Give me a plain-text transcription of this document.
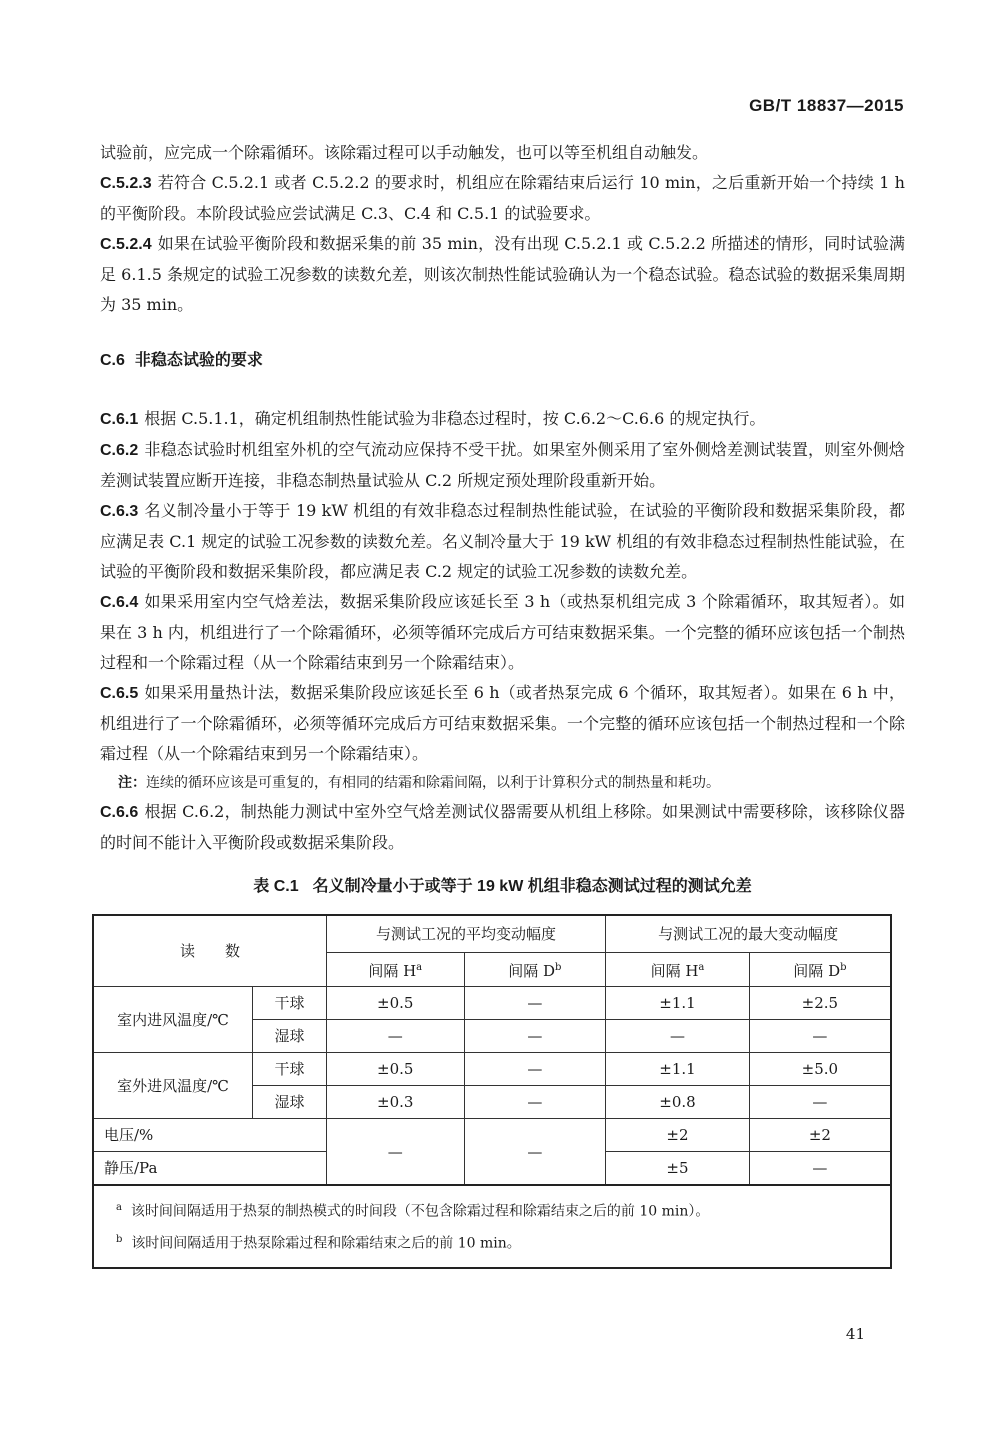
GB/T 18837—2015

试验前，应完成一个除霜循环。该除霜过程可以手动触发，也可以等至机组自动触发。

C.5.2.3 若符合 C.5.2.1 或者 C.5.2.2 的要求时，机组应在除霜结束后运行 10 min，之后重新开始一个持续 1 h 的平衡阶段。本阶段试验应尝试满足 C.3、C.4 和 C.5.1 的试验要求。

C.5.2.4 如果在试验平衡阶段和数据采集的前 35 min，没有出现 C.5.2.1 或 C.5.2.2 所描述的情形，同时试验满足 6.1.5 条规定的试验工况参数的读数允差，则该次制热性能试验确认为一个稳态试验。稳态试验的数据采集周期为 35 min。

C.6 非稳态试验的要求

C.6.1 根据 C.5.1.1，确定机组制热性能试验为非稳态过程时，按 C.6.2～C.6.6 的规定执行。

C.6.2 非稳态试验时机组室外机的空气流动应保持不受干扰。如果室外侧采用了室外侧焓差测试装置，则室外侧焓差测试装置应断开连接，非稳态制热量试验从 C.2 所规定预处理阶段重新开始。

C.6.3 名义制冷量小于等于 19 kW 机组的有效非稳态过程制热性能试验，在试验的平衡阶段和数据采集阶段，都应满足表 C.1 规定的试验工况参数的读数允差。名义制冷量大于 19 kW 机组的有效非稳态过程制热性能试验，在试验的平衡阶段和数据采集阶段，都应满足表 C.2 规定的试验工况参数的读数允差。

C.6.4 如果采用室内空气焓差法，数据采集阶段应该延长至 3 h（或热泵机组完成 3 个除霜循环，取其短者）。如果在 3 h 内，机组进行了一个除霜循环，必须等循环完成后方可结束数据采集。一个完整的循环应该包括一个制热过程和一个除霜过程（从一个除霜结束到另一个除霜结束）。

C.6.5 如果采用量热计法，数据采集阶段应该延长至 6 h（或者热泵完成 6 个循环，取其短者）。如果在 6 h 中，机组进行了一个除霜循环，必须等循环完成后方可结束数据采集。一个完整的循环应该包括一个制热过程和一个除霜过程（从一个除霜结束到另一个除霜结束）。

注：连续的循环应该是可重复的，有相同的结霜和除霜间隔，以利于计算积分式的制热量和耗功。

C.6.6 根据 C.6.2，制热能力测试中室外空气焓差测试仪器需要从机组上移除。如果测试中需要移除，该移除仪器的时间不能计入平衡阶段或数据采集阶段。

表 C.1 名义制冷量小于或等于 19 kW 机组非稳态测试过程的测试允差
读　　数		与测试工况的平均变动幅度		与测试工况的最大变动幅度	
		间隔 $H^a$	间隔 $D^b$	间隔 $H^a$	间隔 $D^b$
室内进风温度/℃	干球	±0.5	—	±1.1	±2.5
	湿球	—	—	—	—
室外进风温度/℃	干球	±0.5	—	±1.1	±5.0
	湿球	±0.3	—	±0.8	—
电压/%		—	—	±2	±2
静压/Pa				±5	—

$^a$ 该时间间隔适用于热泵的制热模式的时间段（不包含除霜过程和除霜结束之后的前 10 min）。
$^b$ 该时间间隔适用于热泵除霜过程和除霜结束之后的前 10 min。					
41
